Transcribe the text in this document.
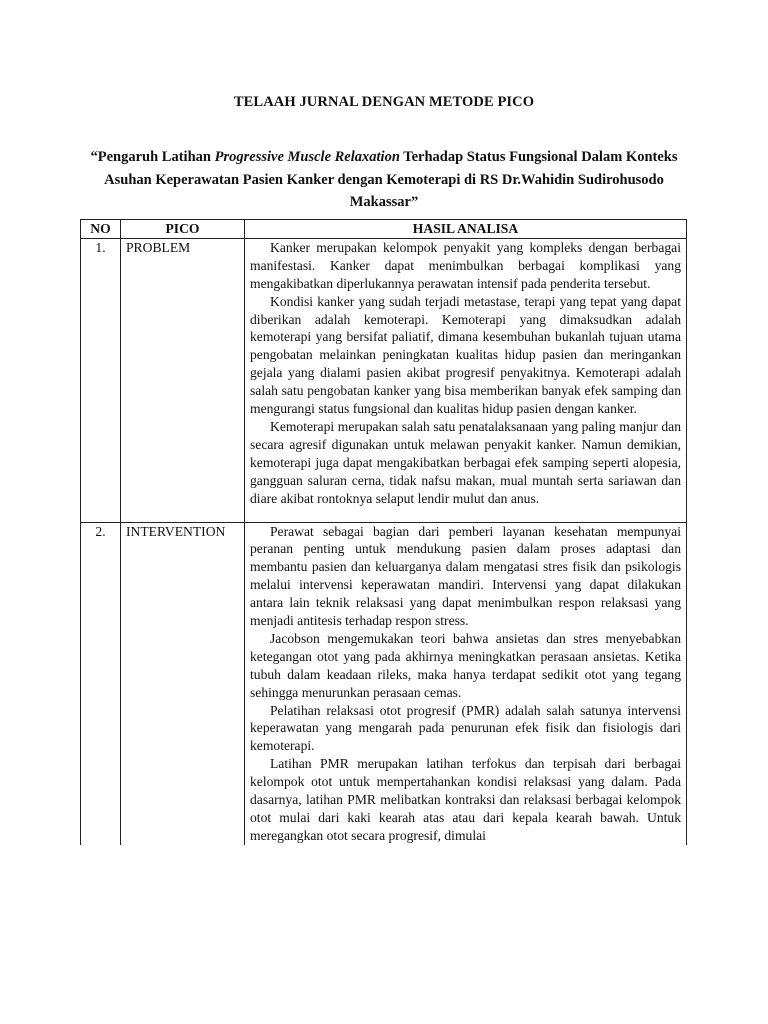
TELAAH JURNAL DENGAN METODE PICO
“Pengaruh Latihan Progressive Muscle Relaxation Terhadap Status Fungsional Dalam Konteks Asuhan Keperawatan Pasien Kanker dengan Kemoterapi di RS Dr.Wahidin Sudirohusodo Makassar”
NO	PICO	HASIL ANALISA
1.	PROBLEM	Kanker merupakan kelompok penyakit yang kompleks dengan berbagai manifestasi. Kanker dapat menimbulkan berbagai komplikasi yang mengakibatkan diperlukannya perawatan intensif pada penderita tersebut.

Kondisi kanker yang sudah terjadi metastase, terapi yang tepat yang dapat diberikan adalah kemoterapi. Kemoterapi yang dimaksudkan adalah kemoterapi yang bersifat paliatif, dimana kesembuhan bukanlah tujuan utama pengobatan melainkan peningkatan kualitas hidup pasien dan meringankan gejala yang dialami pasien akibat progresif penyakitnya. Kemoterapi adalah salah satu pengobatan kanker yang bisa memberikan banyak efek samping dan mengurangi status fungsional dan kualitas hidup pasien dengan kanker.

Kemoterapi merupakan salah satu penatalaksanaan yang paling manjur dan secara agresif digunakan untuk melawan penyakit kanker. Namun demikian, kemoterapi juga dapat mengakibatkan berbagai efek samping seperti alopesia, gangguan saluran cerna, tidak nafsu makan, mual muntah serta sariawan dan diare akibat rontoknya selaput lendir mulut dan anus.

2.	INTERVENTION	Perawat sebagai bagian dari pemberi layanan kesehatan mempunyai peranan penting untuk mendukung pasien dalam proses adaptasi dan membantu pasien dan keluarganya dalam mengatasi stres fisik dan psikologis melalui intervensi keperawatan mandiri. Intervensi yang dapat dilakukan antara lain teknik relaksasi yang dapat menimbulkan respon relaksasi yang menjadi antitesis terhadap respon stress.

Jacobson mengemukakan teori bahwa ansietas dan stres menyebabkan ketegangan otot yang pada akhirnya meningkatkan perasaan ansietas. Ketika tubuh dalam keadaan rileks, maka hanya terdapat sedikit otot yang tegang sehingga menurunkan perasaan cemas.

Pelatihan relaksasi otot progresif (PMR) adalah salah satunya intervensi keperawatan yang mengarah pada penurunan efek fisik dan fisiologis dari kemoterapi.

Latihan PMR merupakan latihan terfokus dan terpisah dari berbagai kelompok otot untuk mempertahankan kondisi relaksasi yang dalam. Pada dasarnya, latihan PMR melibatkan kontraksi dan relaksasi berbagai kelompok otot mulai dari kaki kearah atas atau dari kepala kearah bawah. Untuk meregangkan otot secara progresif, dimulai
